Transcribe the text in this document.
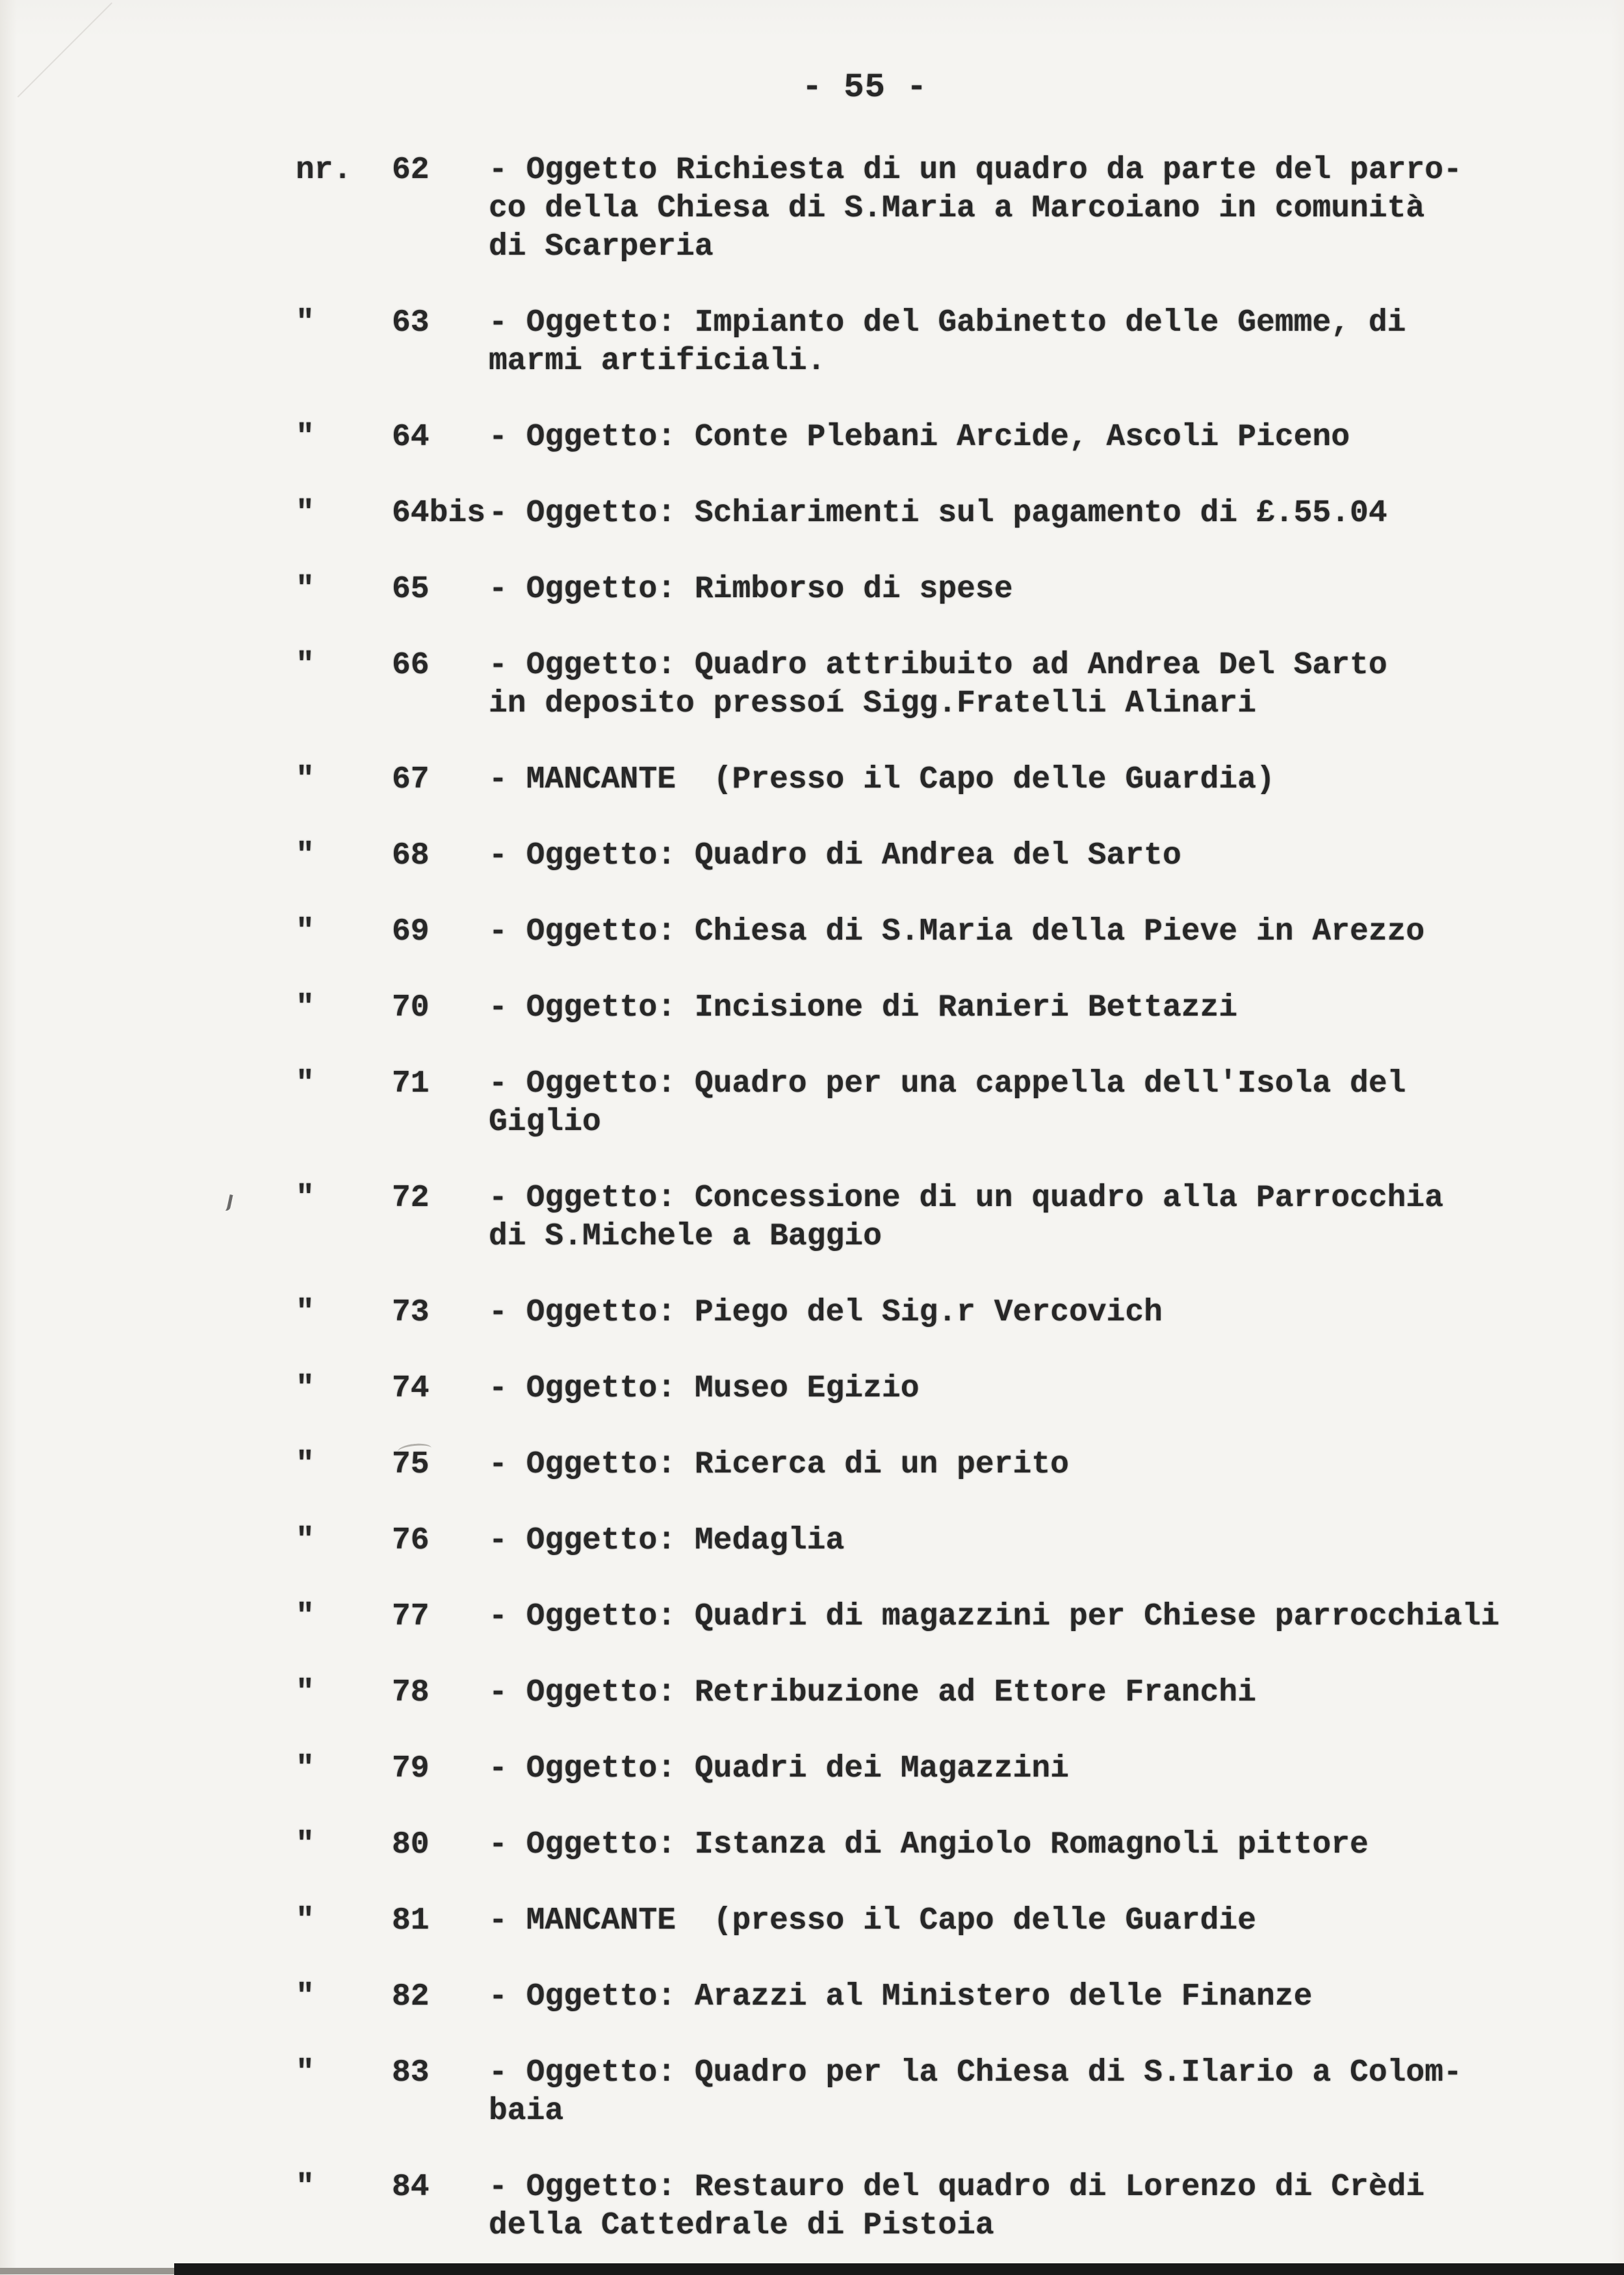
- 55 -
nr.	62	- Oggetto Richiesta di un quadro da parte del parro-
co della Chiesa di S.Maria a Marcoiano in comunità
di Scarperia
"	63	- Oggetto: Impianto del Gabinetto delle Gemme, di
marmi artificiali.
"	64	- Oggetto: Conte Plebani Arcide, Ascoli Piceno
"	64bis - Oggetto: Schiarimenti sul pagamento di £.55.04
"	65	- Oggetto: Rimborso di spese
"	66	- Oggetto: Quadro attribuito ad Andrea Del Sarto
in deposito pressoí Sigg.Fratelli Alinari
"	67	- MANCANTE  (Presso il Capo delle Guardia)
"	68	- Oggetto: Quadro di Andrea del Sarto
"	69	- Oggetto: Chiesa di S.Maria della Pieve in Arezzo
"	70	- Oggetto: Incisione di Ranieri Bettazzi
"	71	- Oggetto: Quadro per una cappella dell'Isola del
Giglio
"	72	- Oggetto: Concessione di un quadro alla Parrocchia
di S.Michele a Baggio
"	73	- Oggetto: Piego del Sig.r Vercovich
"	74	- Oggetto: Museo Egizio
"	75	- Oggetto: Ricerca di un perito
"	76	- Oggetto: Medaglia
"	77	- Oggetto: Quadri di magazzini per Chiese parrocchiali
"	78	- Oggetto: Retribuzione ad Ettore Franchi
"	79	- Oggetto: Quadri dei Magazzini
"	80	- Oggetto: Istanza di Angiolo Romagnoli pittore
"	81	- MANCANTE  (presso il Capo delle Guardie
"	82	- Oggetto: Arazzi al Ministero delle Finanze
"	83	- Oggetto: Quadro per la Chiesa di S.Ilario a Colom-
baia
"	84	- Oggetto: Restauro del quadro di Lorenzo di Crèdi
della Cattedrale di Pistoia
